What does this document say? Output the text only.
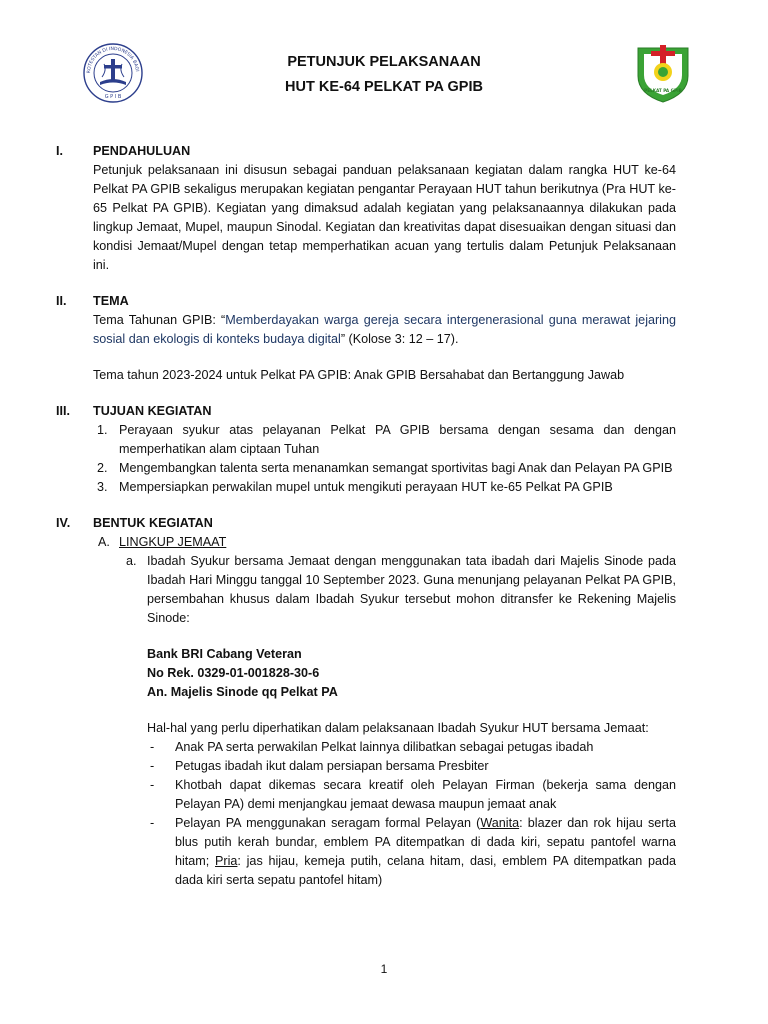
ROTESTAN DI INDONESIA BAGI
G P I B
PELKAT PA GPIB
PETUNJUK PELAKSANAAN
HUT KE-64 PELKAT PA GPIB
I. PENDAHULUAN
Petunjuk pelaksanaan ini disusun sebagai panduan pelaksanaan kegiatan dalam rangka HUT ke-64 Pelkat PA GPIB sekaligus merupakan kegiatan pengantar Perayaan HUT tahun berikutnya (Pra HUT ke-65 Pelkat PA GPIB). Kegiatan yang dimaksud adalah kegiatan yang pelaksanaannya dilakukan pada lingkup Jemaat, Mupel, maupun Sinodal. Kegiatan dan kreativitas dapat disesuaikan dengan situasi dan kondisi Jemaat/Mupel dengan tetap memperhatikan acuan yang tertulis dalam Petunjuk Pelaksanaan ini.
II. TEMA
Tema Tahunan GPIB: “Memberdayakan warga gereja secara intergenerasional guna merawat jejaring sosial dan ekologis di konteks budaya digital” (Kolose 3: 12 – 17).
Tema tahun 2023-2024 untuk Pelkat PA GPIB: Anak GPIB Bersahabat dan Bertanggung Jawab
III. TUJUAN KEGIATAN
1. Perayaan syukur atas pelayanan Pelkat PA GPIB bersama dengan sesama dan dengan memperhatikan alam ciptaan Tuhan
2. Mengembangkan talenta serta menanamkan semangat sportivitas bagi Anak dan Pelayan PA GPIB
3. Mempersiapkan perwakilan mupel untuk mengikuti perayaan HUT ke-65 Pelkat PA GPIB
IV. BENTUK KEGIATAN
A. LINGKUP JEMAAT
a. Ibadah Syukur bersama Jemaat dengan menggunakan tata ibadah dari Majelis Sinode pada Ibadah Hari Minggu tanggal 10 September 2023. Guna menunjang pelayanan Pelkat PA GPIB, persembahan khusus dalam Ibadah Syukur tersebut mohon ditransfer ke Rekening Majelis Sinode:
Bank BRI Cabang Veteran
No Rek. 0329-01-001828-30-6
An. Majelis Sinode qq Pelkat PA
Hal-hal yang perlu diperhatikan dalam pelaksanaan Ibadah Syukur HUT bersama Jemaat:
- Anak PA serta perwakilan Pelkat lainnya dilibatkan sebagai petugas ibadah
- Petugas ibadah ikut dalam persiapan bersama Presbiter
- Khotbah dapat dikemas secara kreatif oleh Pelayan Firman (bekerja sama dengan Pelayan PA) demi menjangkau jemaat dewasa maupun jemaat anak
- Pelayan PA menggunakan seragam formal Pelayan (Wanita: blazer dan rok hijau serta blus putih kerah bundar, emblem PA ditempatkan di dada kiri, sepatu pantofel warna hitam; Pria: jas hijau, kemeja putih, celana hitam, dasi, emblem PA ditempatkan pada dada kiri serta sepatu pantofel hitam)
1
